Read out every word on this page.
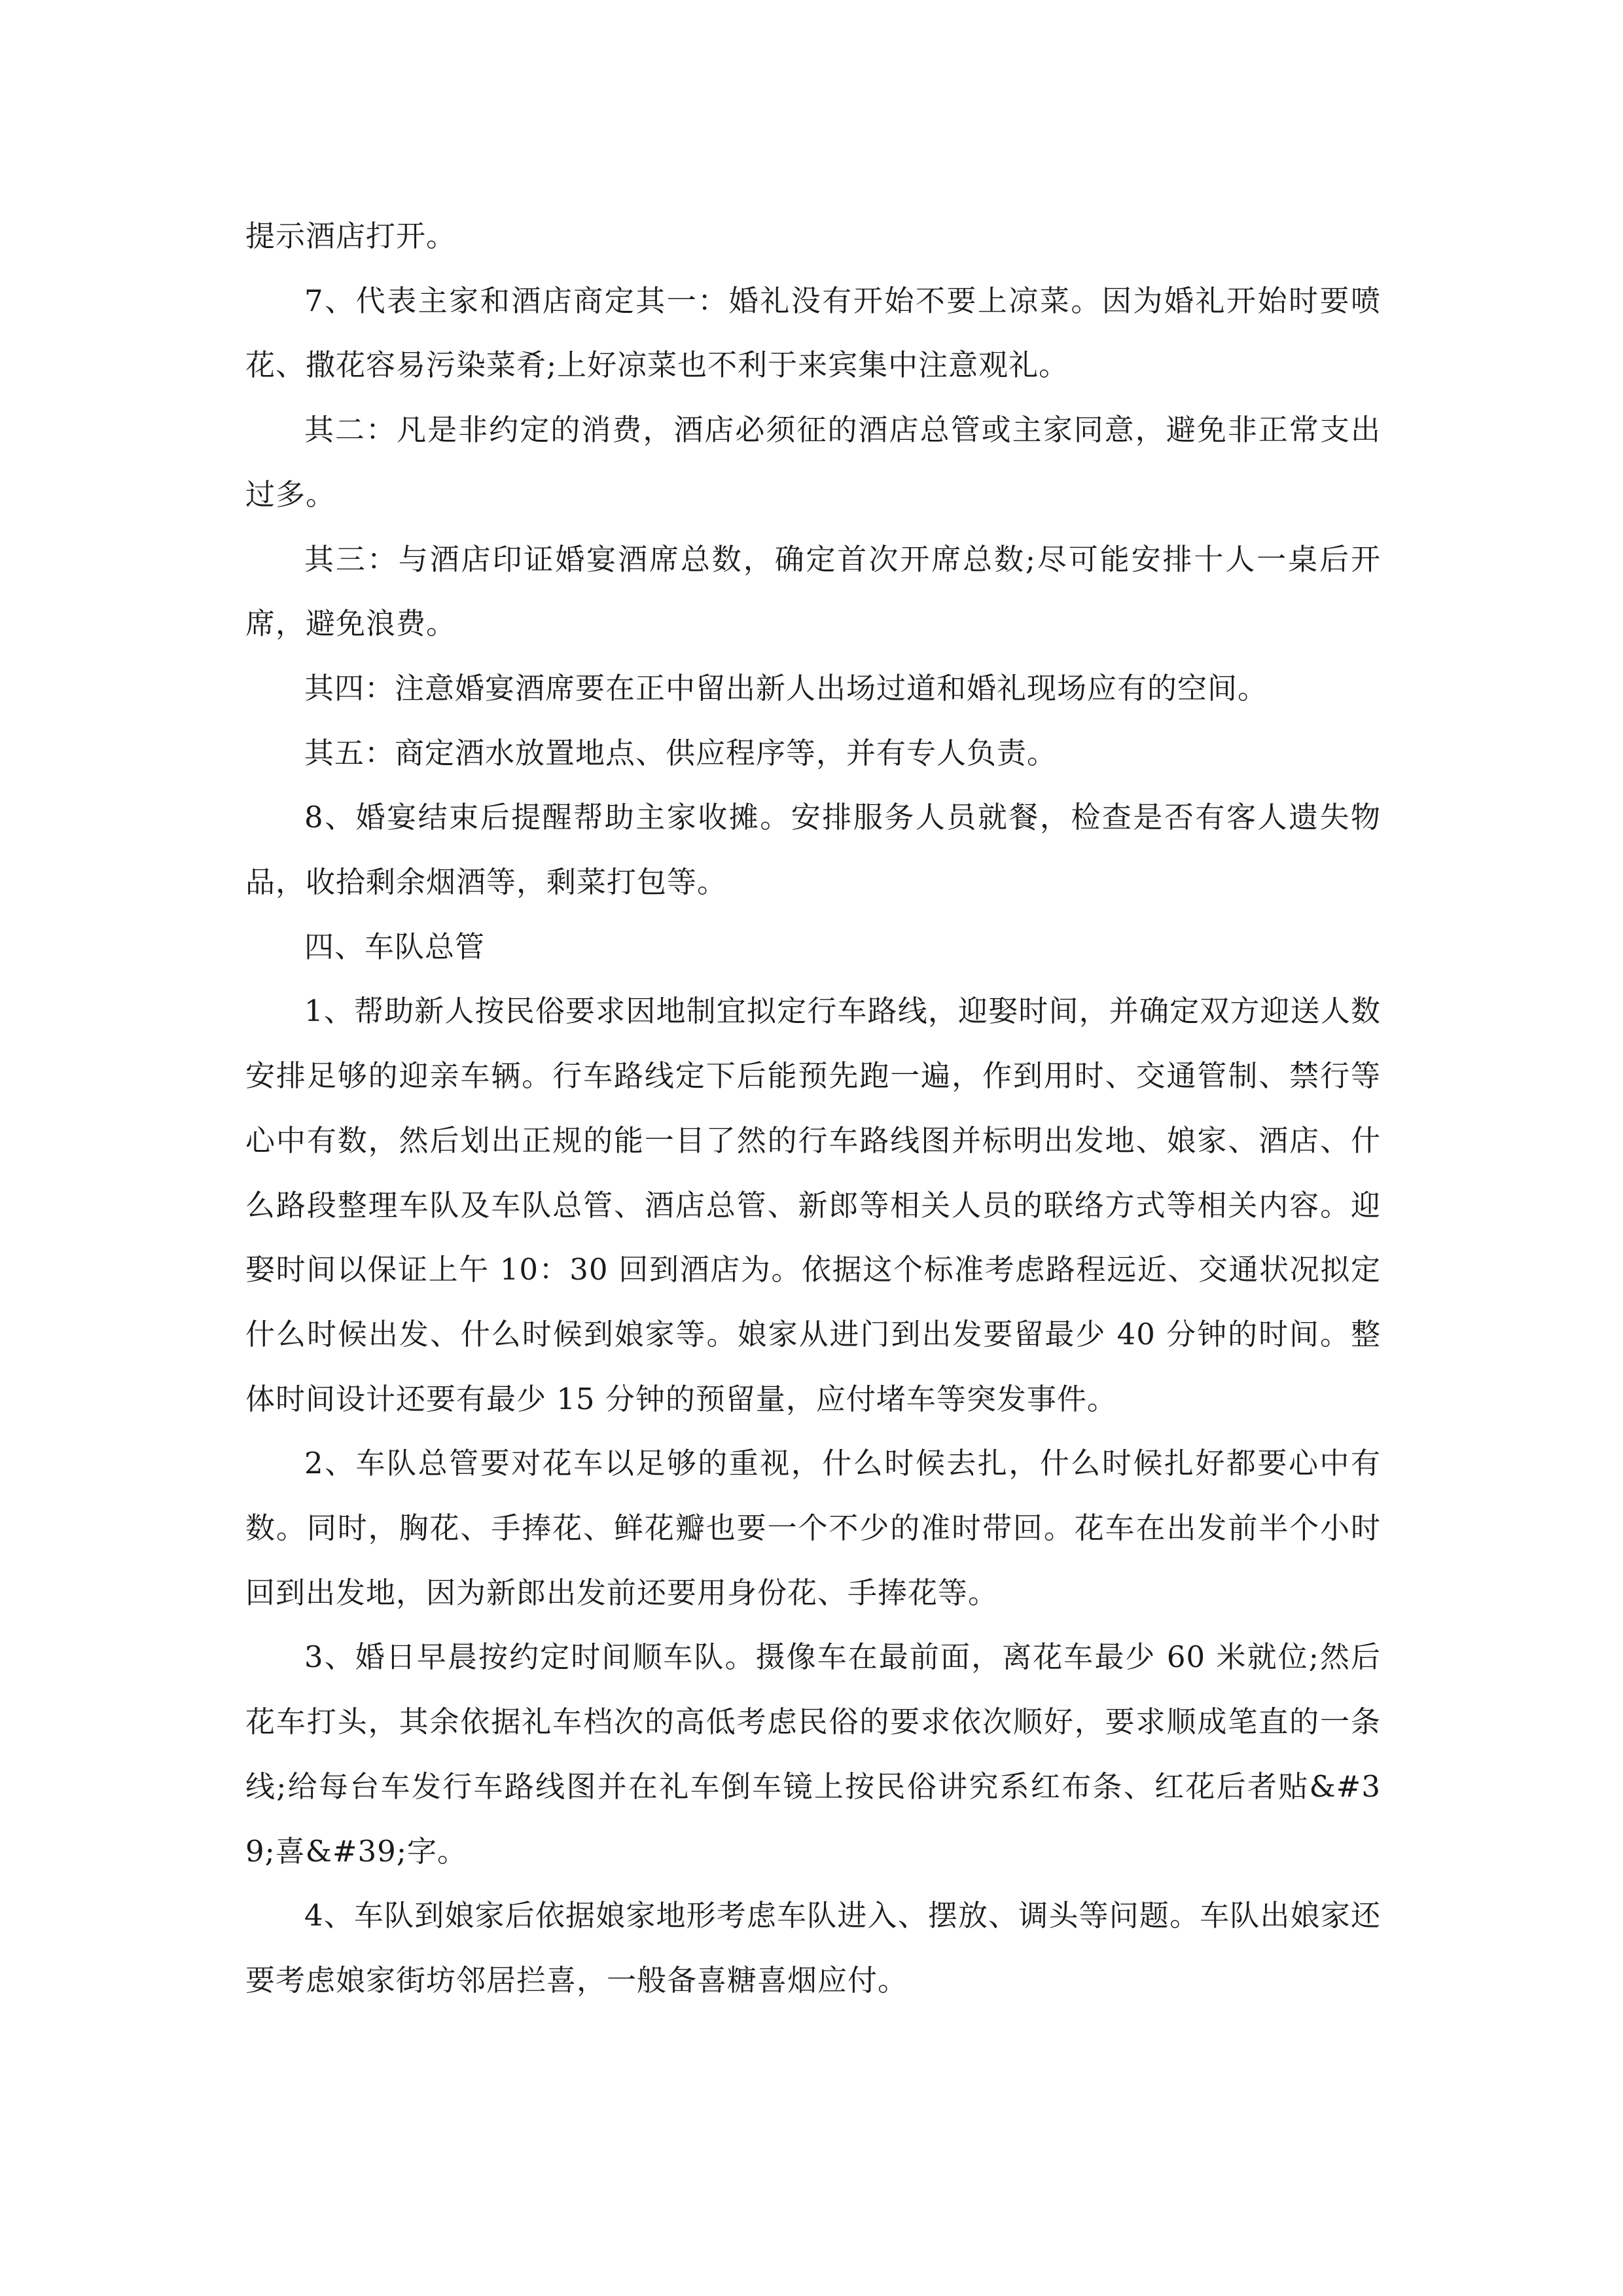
提示酒店打开。

7、代表主家和酒店商定其一：婚礼没有开始不要上凉菜。因为婚礼开始时要喷花、撒花容易污染菜肴;上好凉菜也不利于来宾集中注意观礼。

其二：凡是非约定的消费，酒店必须征的酒店总管或主家同意，避免非正常支出过多。

其三：与酒店印证婚宴酒席总数，确定首次开席总数;尽可能安排十人一桌后开席，避免浪费。

其四：注意婚宴酒席要在正中留出新人出场过道和婚礼现场应有的空间。

其五：商定酒水放置地点、供应程序等，并有专人负责。

8、婚宴结束后提醒帮助主家收摊。安排服务人员就餐，检查是否有客人遗失物品，收拾剩余烟酒等，剩菜打包等。

四、车队总管

1、帮助新人按民俗要求因地制宜拟定行车路线，迎娶时间，并确定双方迎送人数安排足够的迎亲车辆。行车路线定下后能预先跑一遍，作到用时、交通管制、禁行等心中有数，然后划出正规的能一目了然的行车路线图并标明出发地、娘家、酒店、什么路段整理车队及车队总管、酒店总管、新郎等相关人员的联络方式等相关内容。迎娶时间以保证上午 10：30 回到酒店为。依据这个标准考虑路程远近、交通状况拟定什么时候出发、什么时候到娘家等。娘家从进门到出发要留最少 40 分钟的时间。整体时间设计还要有最少 15 分钟的预留量，应付堵车等突发事件。

2、车队总管要对花车以足够的重视，什么时候去扎，什么时候扎好都要心中有数。同时，胸花、手捧花、鲜花瓣也要一个不少的准时带回。花车在出发前半个小时回到出发地，因为新郎出发前还要用身份花、手捧花等。

3、婚日早晨按约定时间顺车队。摄像车在最前面，离花车最少 60 米就位;然后花车打头，其余依据礼车档次的高低考虑民俗的要求依次顺好，要求顺成笔直的一条线;给每台车发行车路线图并在礼车倒车镜上按民俗讲究系红布条、红花后者贴&#39;喜&#39;字。

4、车队到娘家后依据娘家地形考虑车队进入、摆放、调头等问题。车队出娘家还要考虑娘家街坊邻居拦喜，一般备喜糖喜烟应付。
